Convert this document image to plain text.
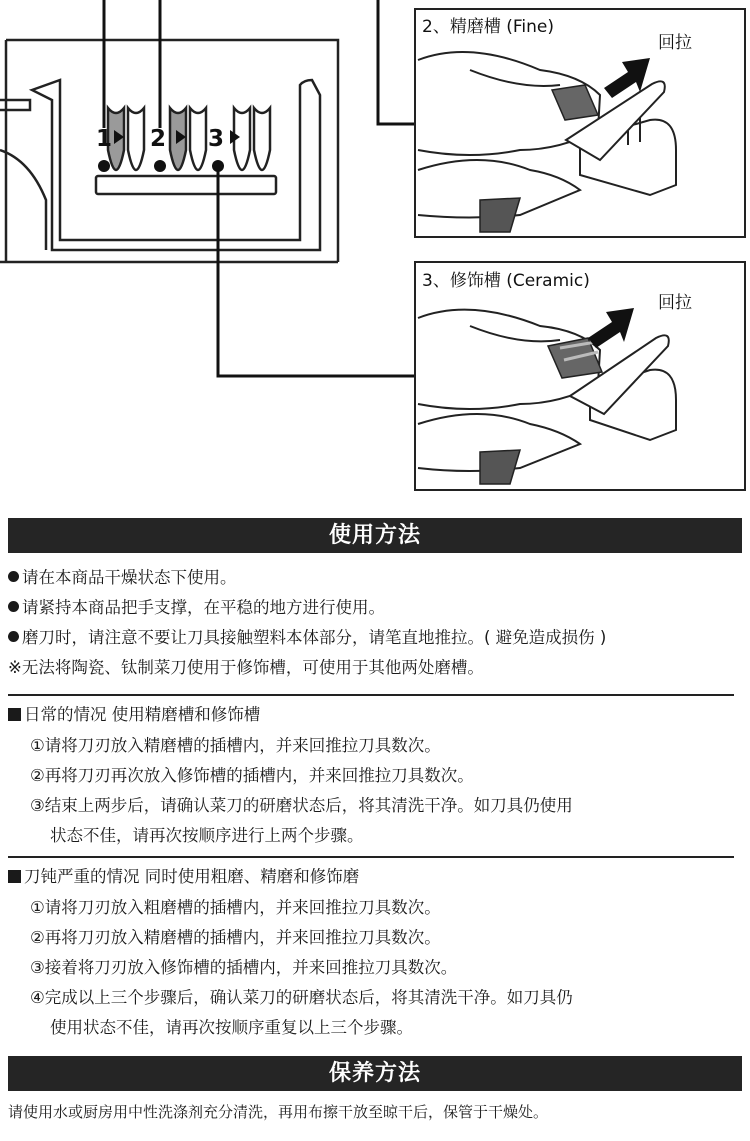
1 2 3
2、精磨槽 (Fine)
回拉
3、修饰槽 (Ceramic)
回拉
使用方法
请在本商品干燥状态下使用。
请紧持本商品把手支撑，在平稳的地方进行使用。
磨刀时，请注意不要让刀具接触塑料本体部分，请笔直地推拉。( 避免造成损伤 )
※无法将陶瓷、钛制菜刀使用于修饰槽，可使用于其他两处磨槽。
日常的情况 使用精磨槽和修饰槽
①请将刀刃放入精磨槽的插槽内，并来回推拉刀具数次。
②再将刀刃再次放入修饰槽的插槽内，并来回推拉刀具数次。
③结束上两步后，请确认菜刀的研磨状态后，将其清洗干净。如刀具仍使用
状态不佳，请再次按顺序进行上两个步骤。
刀钝严重的情况 同时使用粗磨、精磨和修饰磨
①请将刀刃放入粗磨槽的插槽内，并来回推拉刀具数次。
②再将刀刃放入精磨槽的插槽内，并来回推拉刀具数次。
③接着将刀刃放入修饰槽的插槽内，并来回推拉刀具数次。
④完成以上三个步骤后，确认菜刀的研磨状态后，将其清洗干净。如刀具仍
使用状态不佳，请再次按顺序重复以上三个步骤。
保养方法
请使用水或厨房用中性洗涤剂充分清洗，再用布擦干放至晾干后，保管于干燥处。
